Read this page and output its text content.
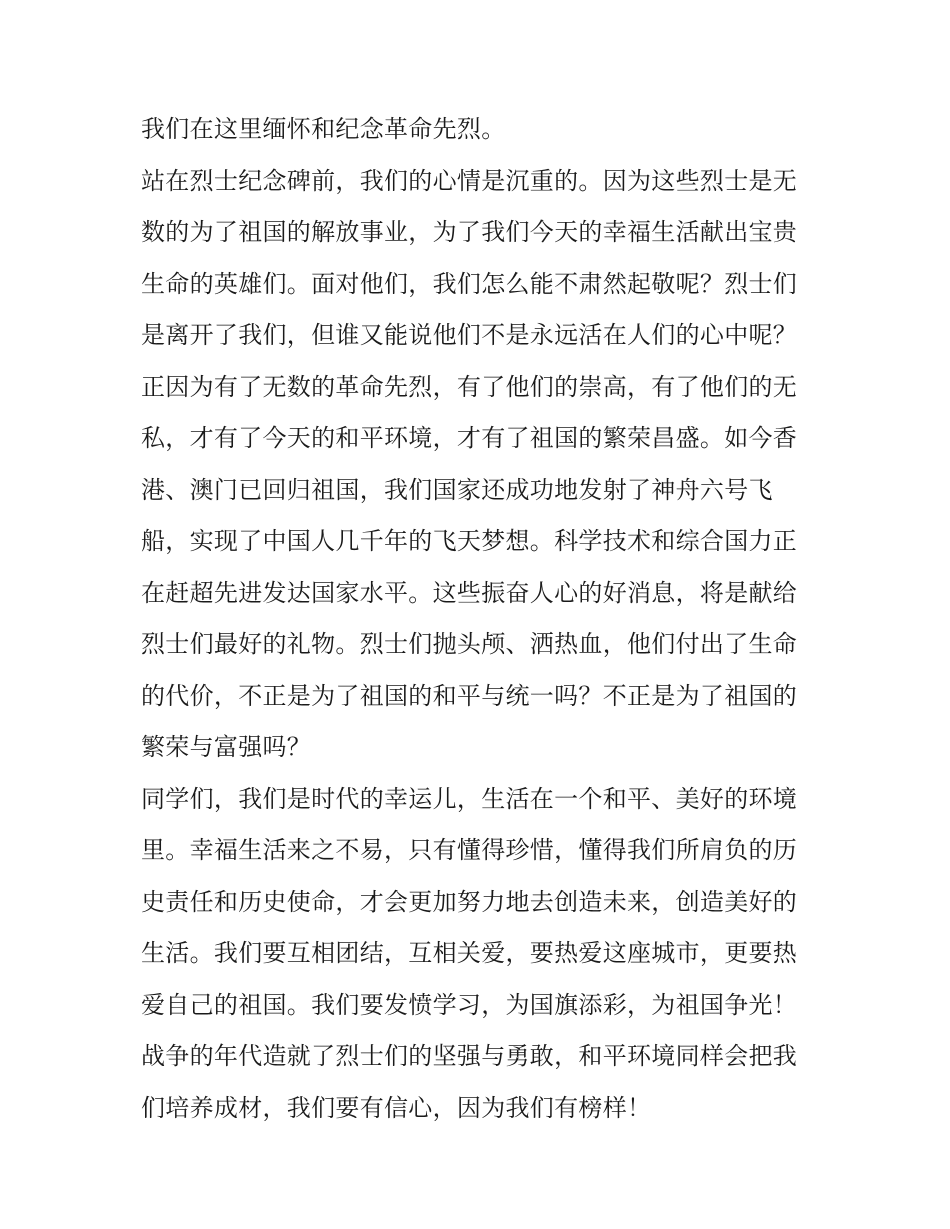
我们在这里缅怀和纪念革命先烈。
站在烈士纪念碑前，我们的心情是沉重的。因为这些烈士是无
数的为了祖国的解放事业，为了我们今天的幸福生活献出宝贵
生命的英雄们。面对他们，我们怎么能不肃然起敬呢？烈士们
是离开了我们，但谁又能说他们不是永远活在人们的心中呢？
正因为有了无数的革命先烈，有了他们的崇高，有了他们的无
私，才有了今天的和平环境，才有了祖国的繁荣昌盛。如今香
港、澳门已回归祖国，我们国家还成功地发射了神舟六号飞
船，实现了中国人几千年的飞天梦想。科学技术和综合国力正
在赶超先进发达国家水平。这些振奋人心的好消息，将是献给
烈士们最好的礼物。烈士们抛头颅、洒热血，他们付出了生命
的代价，不正是为了祖国的和平与统一吗？不正是为了祖国的
繁荣与富强吗？
同学们，我们是时代的幸运儿，生活在一个和平、美好的环境
里。幸福生活来之不易，只有懂得珍惜，懂得我们所肩负的历
史责任和历史使命，才会更加努力地去创造未来，创造美好的
生活。我们要互相团结，互相关爱，要热爱这座城市，更要热
爱自己的祖国。我们要发愤学习，为国旗添彩，为祖国争光！
战争的年代造就了烈士们的坚强与勇敢，和平环境同样会把我
们培养成材，我们要有信心，因为我们有榜样！
